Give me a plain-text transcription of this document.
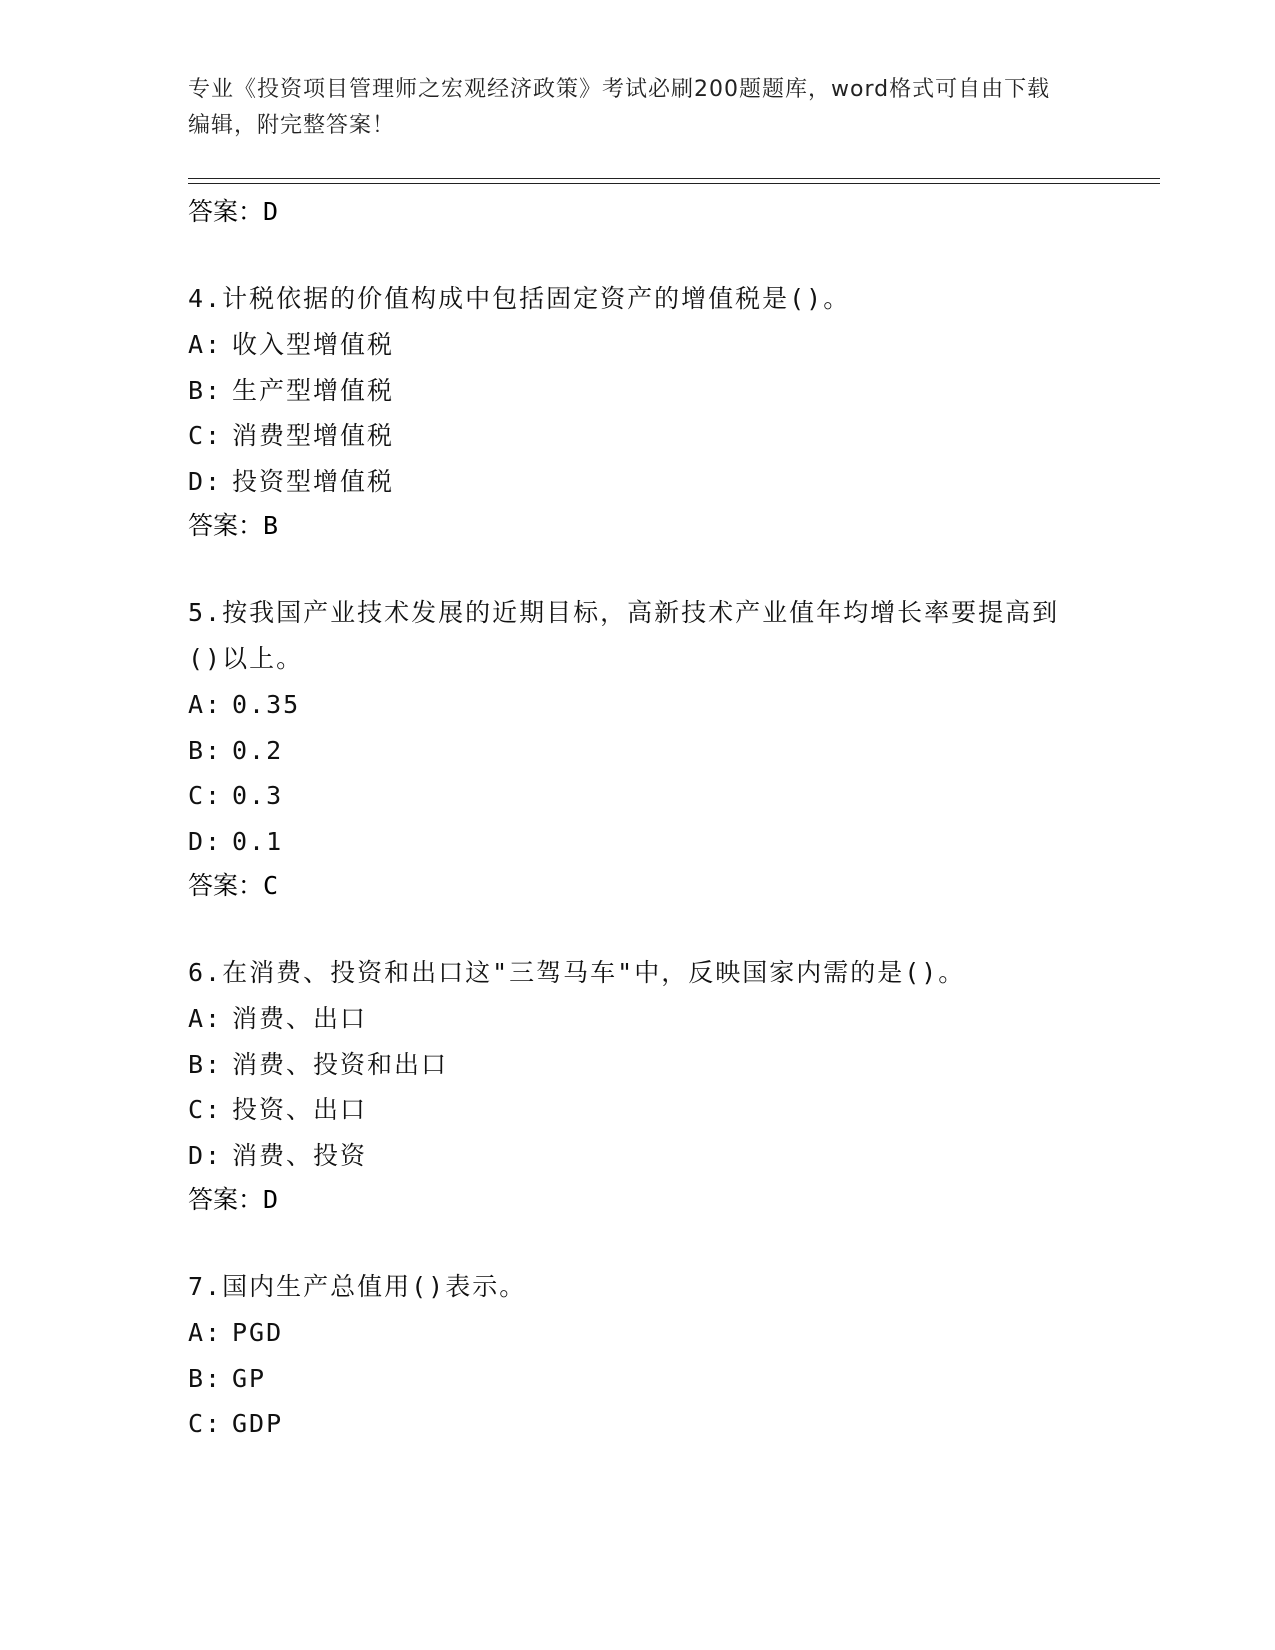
专业《投资项目管理师之宏观经济政策》考试必刷200题题库，word格式可自由下载编辑，附完整答案！
答案：D
4.计税依据的价值构成中包括固定资产的增值税是()。
A: 收入型增值税
B: 生产型增值税
C: 消费型增值税
D: 投资型增值税
答案：B
5.按我国产业技术发展的近期目标，高新技术产业值年均增长率要提高到()以上。
A: 0.35
B: 0.2
C: 0.3
D: 0.1
答案：C
6.在消费、投资和出口这"三驾马车"中，反映国家内需的是()。
A: 消费、出口
B: 消费、投资和出口
C: 投资、出口
D: 消费、投资
答案：D
7.国内生产总值用()表示。
A: PGD
B: GP
C: GDP
